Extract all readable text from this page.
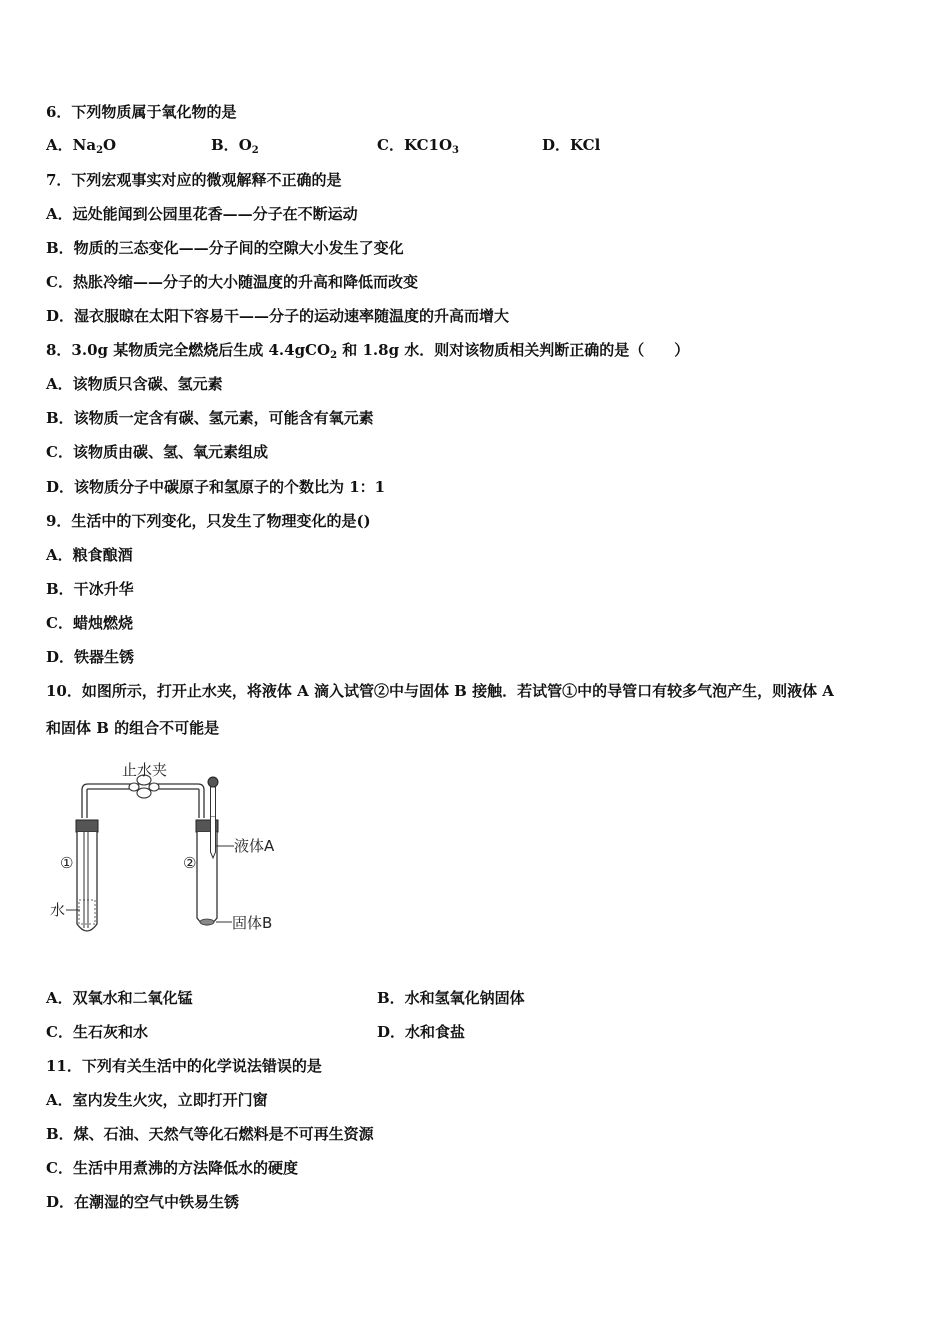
6．下列物质属于氧化物的是
A．$Na_2O$	B．$O_2$	C．$KC1O_3$	D．KCl
7．下列宏观事实对应的微观解释不正确的是
A．远处能闻到公园里花香——分子在不断运动
B．物质的三态变化——分子间的空隙大小发生了变化
C．热胀冷缩——分子的大小随温度的升高和降低而改变
D．湿衣服晾在太阳下容易干——分子的运动速率随温度的升高而增大
8．3.0g 某物质完全燃烧后生成 4.4gCO$_2$ 和 1.8g 水．则对该物质相关判断正确的是（　　）
A．该物质只含碳、氢元素
B．该物质一定含有碳、氢元素，可能含有氧元素
C．该物质由碳、氢、氧元素组成
D．该物质分子中碳原子和氢原子的个数比为 1：1
9．生活中的下列变化，只发生了物理变化的是()
A．粮食酿酒
B．干冰升华
C．蜡烛燃烧
D．铁器生锈
10．如图所示，打开止水夹，将液体 A 滴入试管②中与固体 B 接触．若试管①中的导管口有较多气泡产生，则液体 A
和固体 B 的组合不可能是
止水夹
①
水
②
液体A
固体B
A．双氧水和二氧化锰	B．水和氢氧化钠固体
C．生石灰和水	D．水和食盐
11．下列有关生活中的化学说法错误的是
A．室内发生火灾，立即打开门窗
B．煤、石油、天然气等化石燃料是不可再生资源
C．生活中用煮沸的方法降低水的硬度
D．在潮湿的空气中铁易生锈
